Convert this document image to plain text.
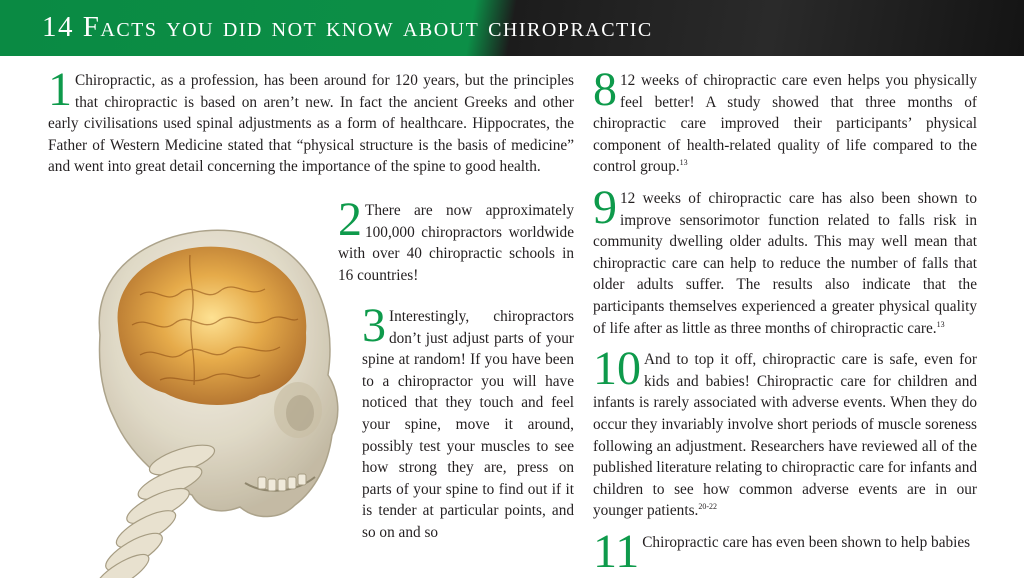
14 Facts you did not know about chiropractic

1 Chiropractic, as a profession, has been around for 120 years, but the principles that chiropractic is based on aren’t new. In fact the ancient Greeks and other early civilisations used spinal adjustments as a form of healthcare. Hippocrates, the Father of Western Medicine stated that “physical structure is the basis of medicine” and went into great detail concerning the importance of the spine to good health.

2 There are now approximately 100,000 chiropractors worldwide with over 40 chiropractic schools in 16 countries!

3 Interestingly, chiropractors don’t just adjust parts of your spine at random! If you have been to a chiropractor you will have noticed that they touch and feel your spine, move it around, possibly test your muscles to see how strong they are, press on parts of your spine to find out if it is tender at particular points, and so on and so

8 12 weeks of chiropractic care even helps you physically feel better! A study showed that three months of chiropractic care improved their participants’ physical component of health-related quality of life compared to the control group.$^{13}$

9 12 weeks of chiropractic care has also been shown to improve sensorimotor function related to falls risk in community dwelling older adults. This may well mean that chiropractic care can help to reduce the number of falls that older adults suffer. The results also indicate that the participants themselves experienced a greater physical quality of life after as little as three months of chiropractic care.$^{13}$

10 And to top it off, chiropractic care is safe, even for kids and babies! Chiropractic care for children and infants is rarely associated with adverse events. When they do occur they invariably involve short periods of muscle soreness following an adjustment. Researchers have reviewed all of the published literature relating to chiropractic care for infants and children to see how common adverse events are in our younger patients.$^{20-22}$

11 Chiropractic care has even been shown to help babies
